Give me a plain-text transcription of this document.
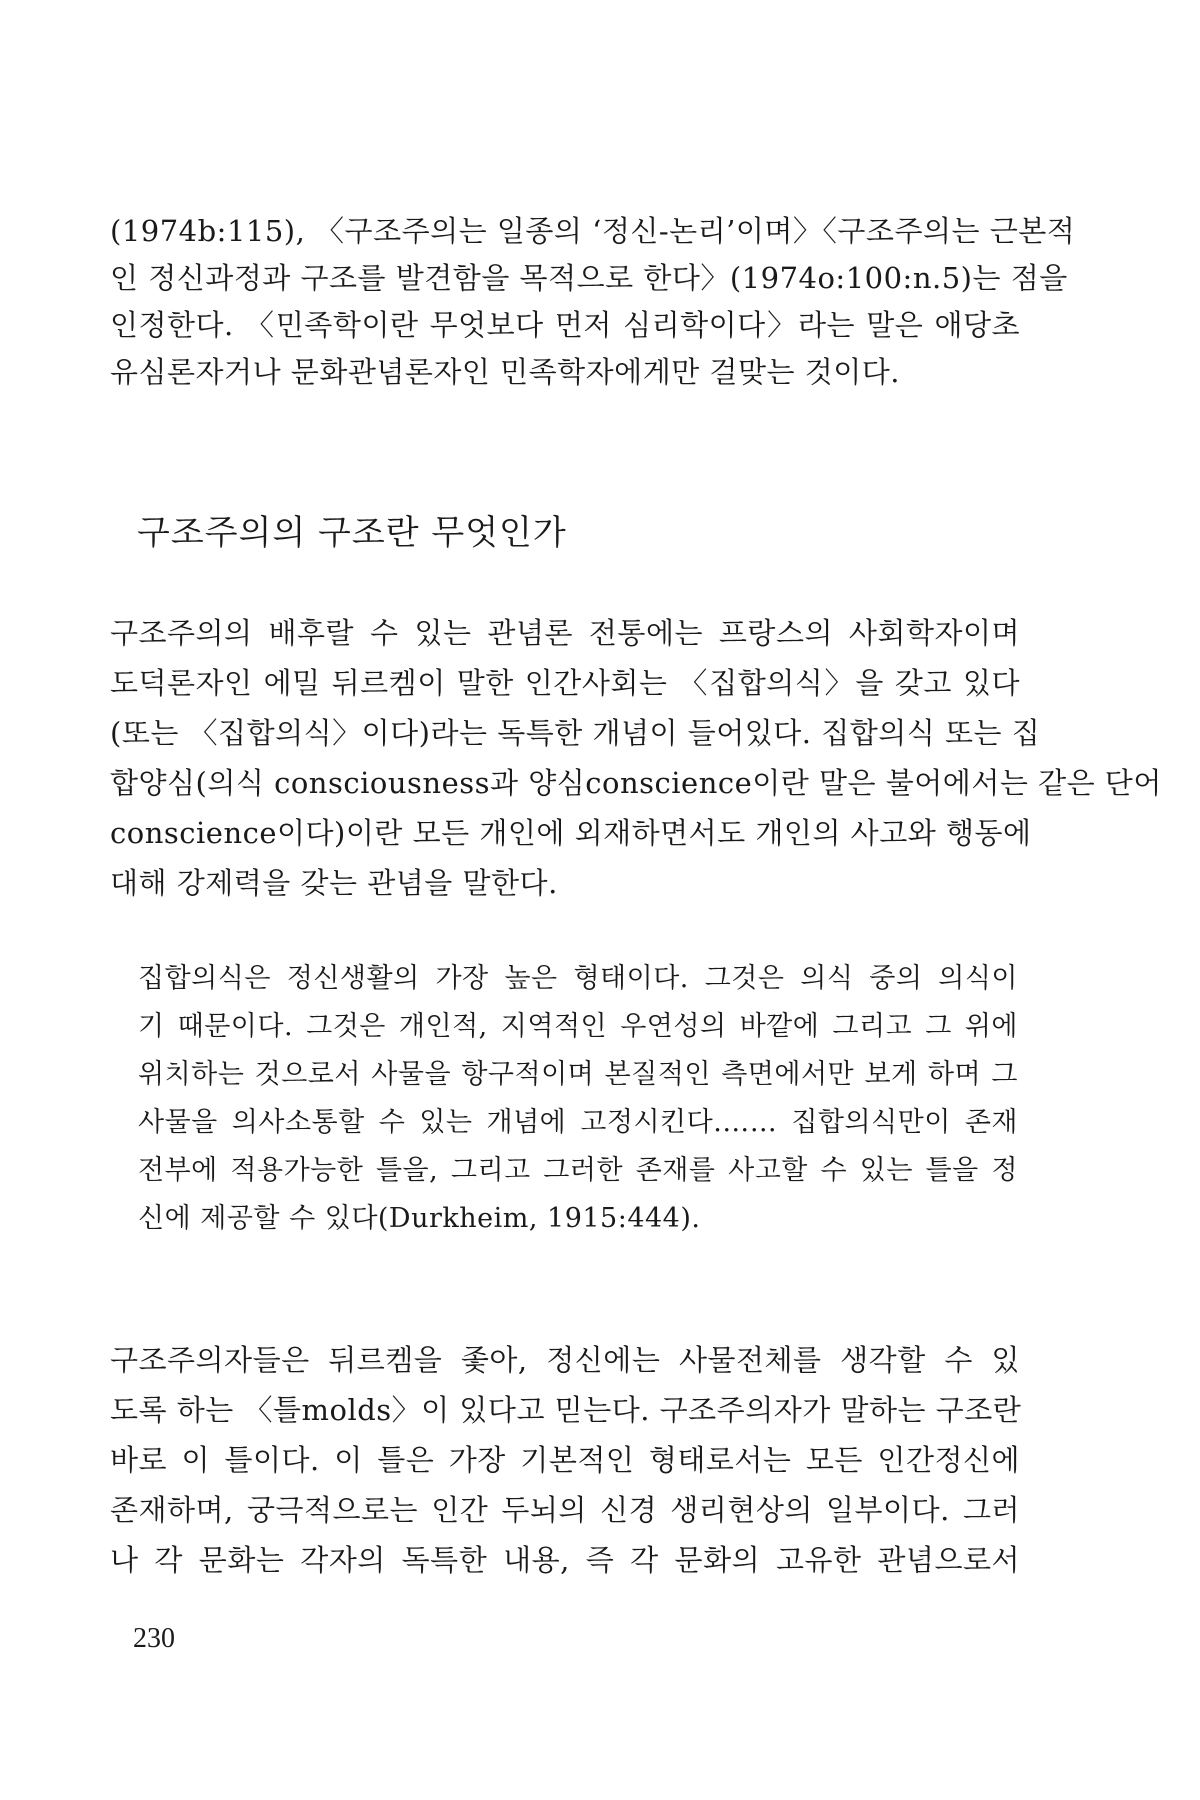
(1974b:115), 〈구조주의는 일종의 ‘정신-논리’이며〉〈구조주의는 근본적
인 정신과정과 구조를 발견함을 목적으로 한다〉(1974o:100:n.5)는 점을
인정한다. 〈민족학이란 무엇보다 먼저 심리학이다〉라는 말은 애당초
유심론자거나 문화관념론자인 민족학자에게만 걸맞는 것이다.
구조주의의 구조란 무엇인가
구조주의의 배후랄 수 있는 관념론 전통에는 프랑스의 사회학자이며
도덕론자인 에밀 뒤르켐이 말한 인간사회는 〈집합의식〉을 갖고 있다
(또는 〈집합의식〉이다)라는 독특한 개념이 들어있다. 집합의식 또는 집
합양심(의식 consciousness과 양심conscience이란 말은 불어에서는 같은 단어
conscience이다)이란 모든 개인에 외재하면서도 개인의 사고와 행동에
대해 강제력을 갖는 관념을 말한다.
집합의식은 정신생활의 가장 높은 형태이다. 그것은 의식 중의 의식이
기 때문이다. 그것은 개인적, 지역적인 우연성의 바깥에 그리고 그 위에
위치하는 것으로서 사물을 항구적이며 본질적인 측면에서만 보게 하며 그
사물을 의사소통할 수 있는 개념에 고정시킨다.…… 집합의식만이 존재
전부에 적용가능한 틀을, 그리고 그러한 존재를 사고할 수 있는 틀을 정
신에 제공할 수 있다(Durkheim, 1915:444).
구조주의자들은 뒤르켐을 좇아, 정신에는 사물전체를 생각할 수 있
도록 하는 〈틀molds〉이 있다고 믿는다. 구조주의자가 말하는 구조란
바로 이 틀이다. 이 틀은 가장 기본적인 형태로서는 모든 인간정신에
존재하며, 궁극적으로는 인간 두뇌의 신경 생리현상의 일부이다. 그러
나 각 문화는 각자의 독특한 내용, 즉 각 문화의 고유한 관념으로서
230
